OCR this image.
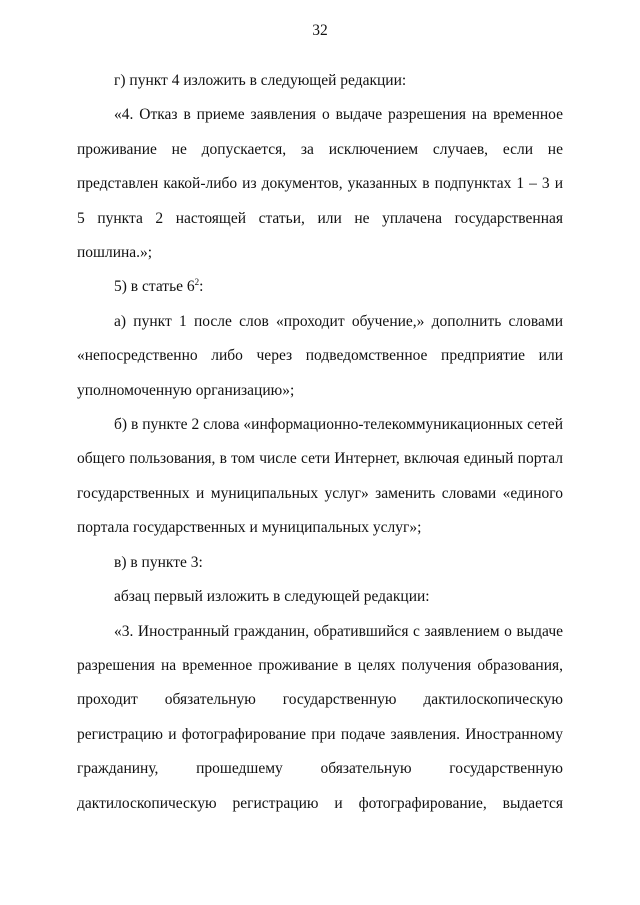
32

г) пункт 4 изложить в следующей редакции:

«4. Отказ в приеме заявления о выдаче разрешения на временное проживание не допускается, за исключением случаев, если не представлен какой-либо из документов, указанных в подпунктах 1 – 3 и 5 пункта 2 настоящей статьи, или не уплачена государственная пошлина.»;

5) в статье $6^2$:

а) пункт 1 после слов «проходит обучение,» дополнить словами «непосредственно либо через подведомственное предприятие или уполномоченную организацию»;

б) в пункте 2 слова «информационно-телекоммуникационных сетей общего пользования, в том числе сети Интернет, включая единый портал государственных и муниципальных услуг» заменить словами «единого портала государственных и муниципальных услуг»;

в) в пункте 3:

абзац первый изложить в следующей редакции:

«3. Иностранный гражданин, обратившийся с заявлением о выдаче разрешения на временное проживание в целях получения образования, проходит обязательную государственную дактилоскопическую регистрацию и фотографирование при подаче заявления. Иностранному гражданину, прошедшему обязательную государственную дактилоскопическую регистрацию и фотографирование, выдается
